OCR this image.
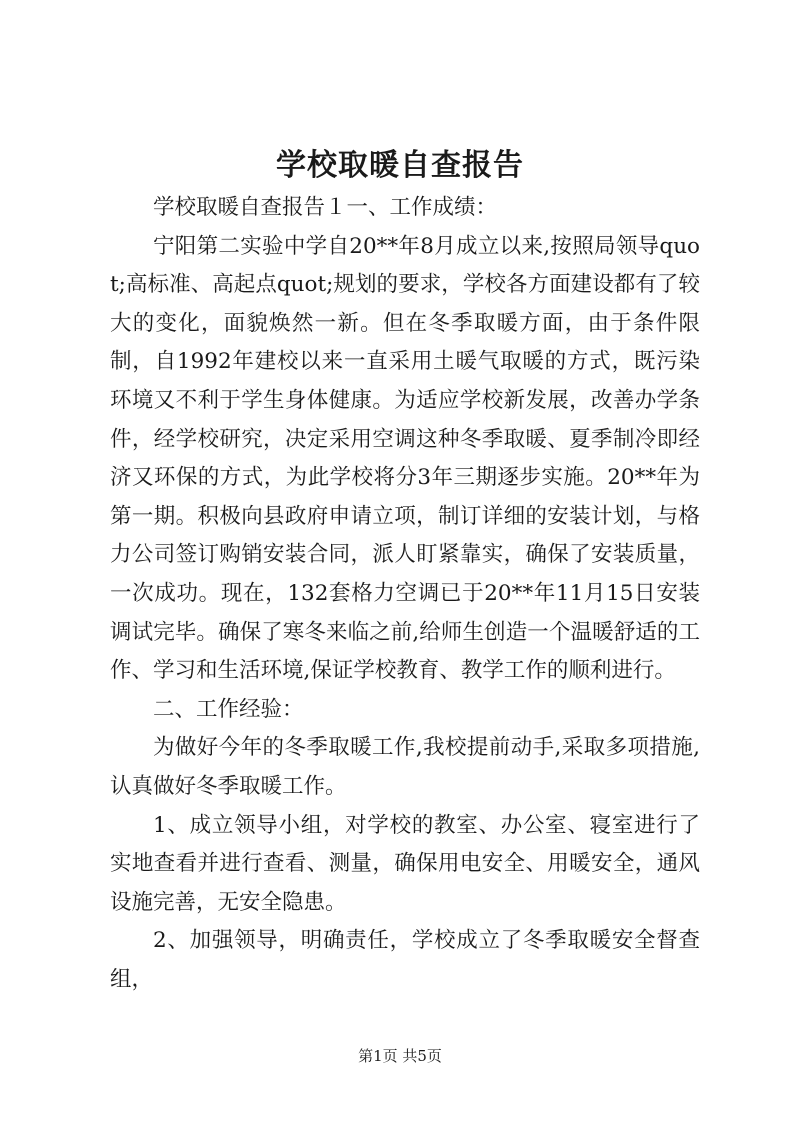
学校取暖自查报告

学校取暖自查报告１一、工作成绩：

宁阳第二实验中学自20**年8月成立以来,按照局领导quot;高标准、高起点quot;规划的要求，学校各方面建设都有了较大的变化，面貌焕然一新。但在冬季取暖方面，由于条件限制，自1992年建校以来一直采用土暖气取暖的方式，既污染环境又不利于学生身体健康。为适应学校新发展，改善办学条件，经学校研究，决定采用空调这种冬季取暖、夏季制冷即经济又环保的方式，为此学校将分3年三期逐步实施。20**年为第一期。积极向县政府申请立项，制订详细的安装计划，与格力公司签订购销安装合同，派人盯紧靠实，确保了安装质量，一次成功。现在，132套格力空调已于20**年11月15日安装调试完毕。确保了寒冬来临之前,给师生创造一个温暖舒适的工作、学习和生活环境,保证学校教育、教学工作的顺利进行。

二、工作经验：

为做好今年的冬季取暖工作,我校提前动手,采取多项措施,认真做好冬季取暖工作。

1、成立领导小组，对学校的教室、办公室、寝室进行了实地查看并进行查看、测量，确保用电安全、用暖安全，通风设施完善，无安全隐患。

2、加强领导，明确责任，学校成立了冬季取暖安全督查组，

第1页 共5页
